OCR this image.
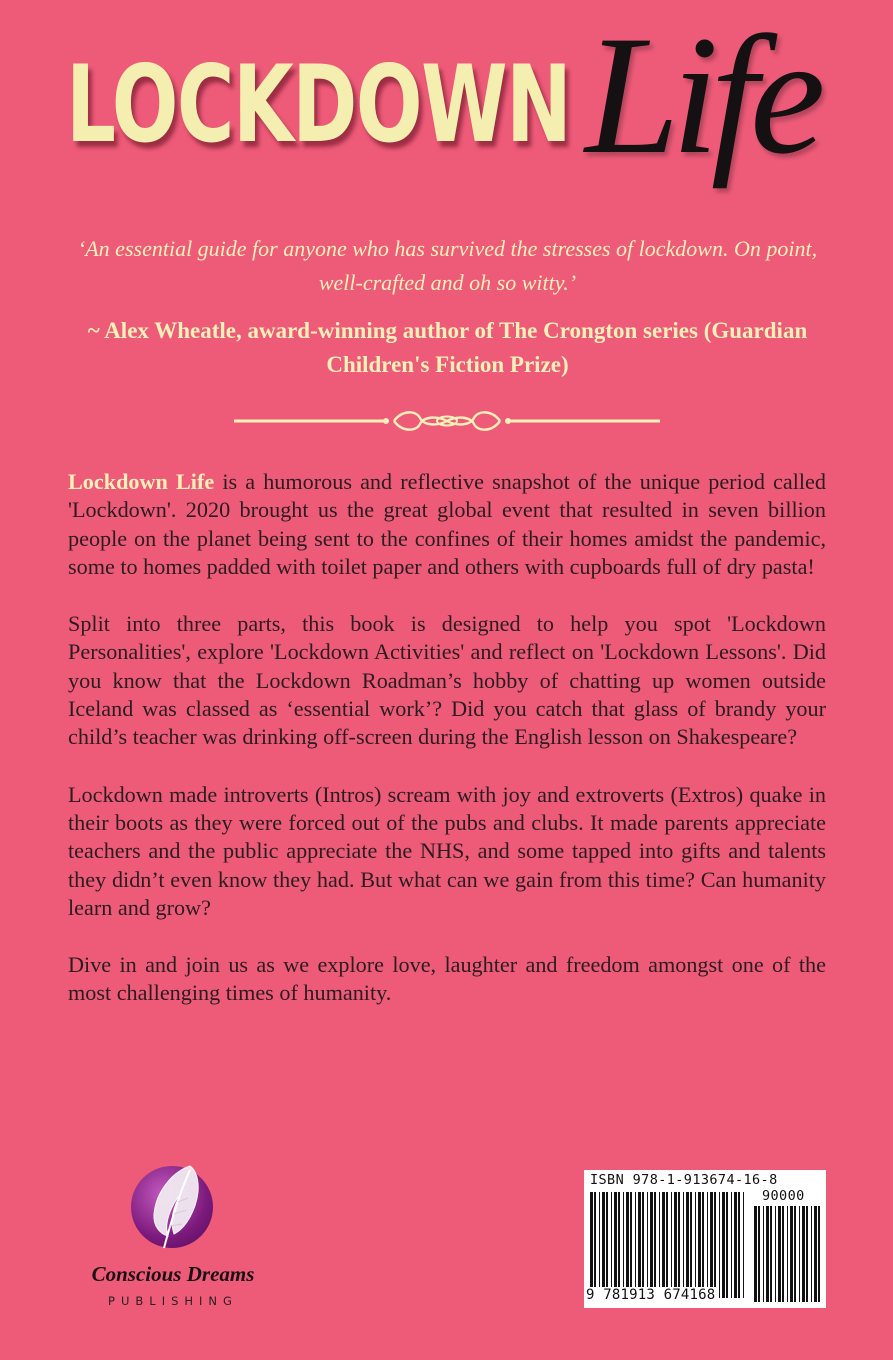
LOCKDOWN Life
‘An essential guide for anyone who has survived the stresses of lockdown. On point, well-crafted and oh so witty.’
~ Alex Wheatle, award-winning author of The Crongton series (Guardian Children's Fiction Prize)

Lockdown Life is a humorous and reflective snapshot of the unique period called 'Lockdown'. 2020 brought us the great global event that resulted in seven billion people on the planet being sent to the confines of their homes amidst the pandemic, some to homes padded with toilet paper and others with cupboards full of dry pasta!

Split into three parts, this book is designed to help you spot 'Lockdown Personalities', explore 'Lockdown Activities' and reflect on 'Lockdown Lessons'. Did you know that the Lockdown Roadman’s hobby of chatting up women outside Iceland was classed as ‘essential work’? Did you catch that glass of brandy your child’s teacher was drinking off-screen during the English lesson on Shakespeare?

Lockdown made introverts (Intros) scream with joy and extroverts (Extros) quake in their boots as they were forced out of the pubs and clubs. It made parents appreciate teachers and the public appreciate the NHS, and some tapped into gifts and talents they didn’t even know they had. But what can we gain from this time? Can humanity learn and grow?

Dive in and join us as we explore love, laughter and freedom amongst one of the most challenging times of humanity.

Conscious Dreams
PUBLISHING
ISBN 978-1-913674-16-8
90000
9 781913 674168
